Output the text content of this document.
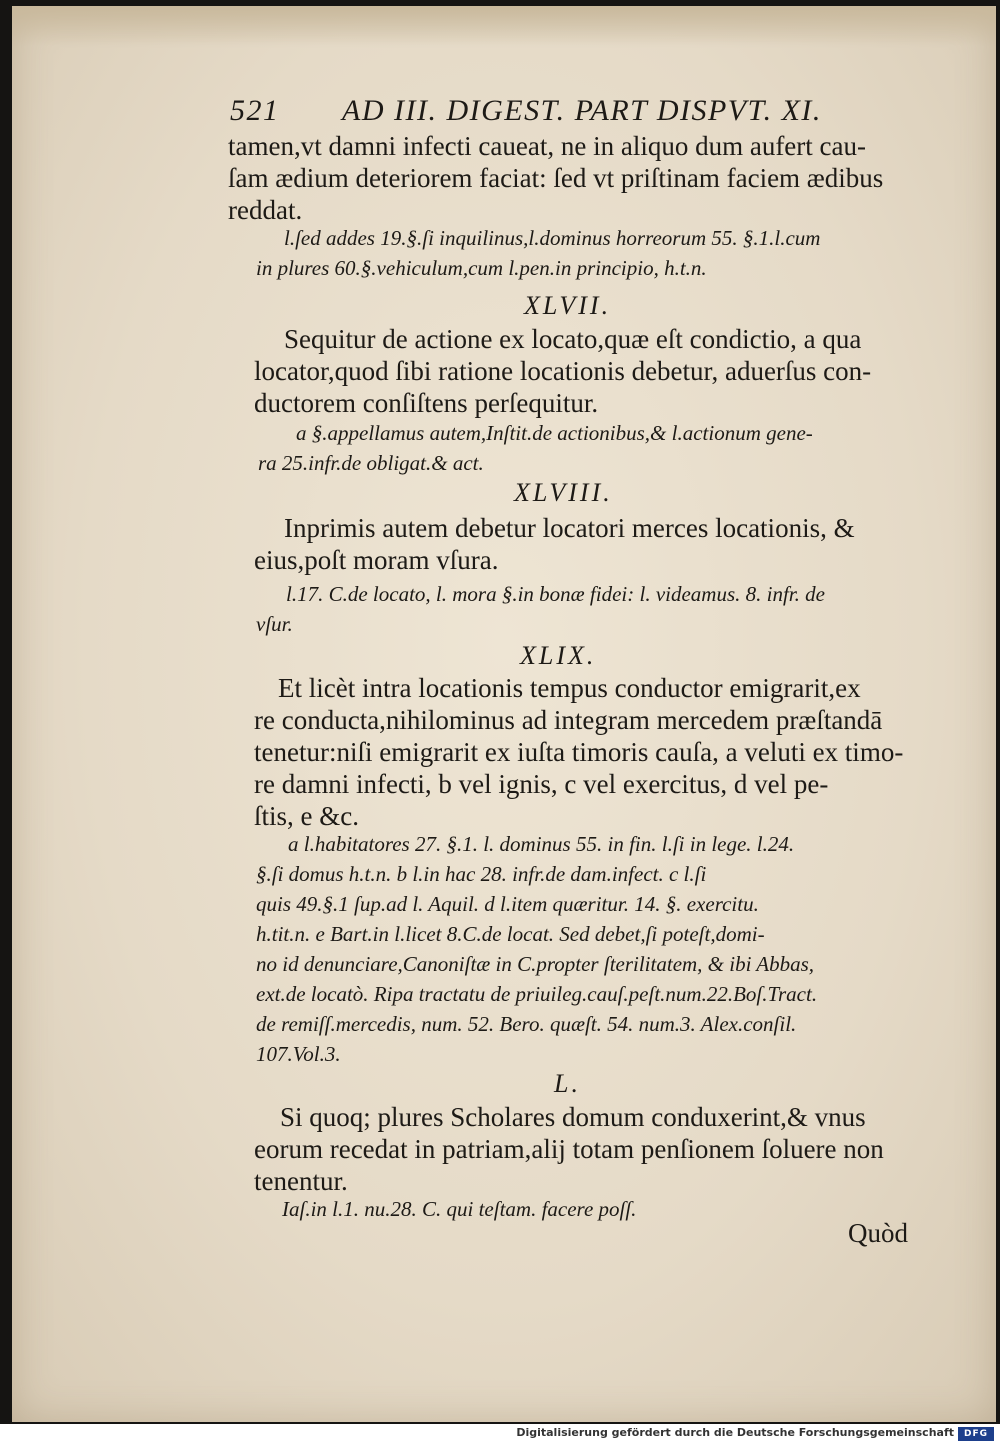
521 AD III. DIGEST. PART DISPVT. XI.
tamen,vt damni infecti caueat, ne in aliquo dum aufert cau-
ſam ædium deteriorem faciat: ſed vt priſtinam faciem ædibus
reddat.
l.ſed addes 19.§.ſi inquilinus,l.dominus horreorum 55. §.1.l.cum
in plures 60.§.vehiculum,cum l.pen.in principio, h.t.n.
XLVII.
Sequitur de actione ex locato,quæ eſt condictio, a qua
locator,quod ſibi ratione locationis debetur, aduerſus con-
ductorem conſiſtens perſequitur.
a §.appellamus autem,Inſtit.de actionibus,& l.actionum gene-
ra 25.infr.de obligat.& act.
XLVIII.
Inprimis autem debetur locatori merces locationis, &
eius,poſt moram vſura.
l.17. C.de locato, l. mora §.in bonæ fidei: l. videamus. 8. infr. de
vſur.
XLIX.
Et licèt intra locationis tempus conductor emigrarit,ex
re conducta,nihilominus ad integram mercedem præſtandā
tenetur:niſi emigrarit ex iuſta timoris cauſa, a veluti ex timo-
re damni infecti, b vel ignis, c vel exercitus, d vel pe-
ſtis, e &c.
a l.habitatores 27. §.1. l. dominus 55. in fin. l.ſi in lege. l.24.
§.ſi domus h.t.n. b l.in hac 28. infr.de dam.infect. c l.ſi
quis 49.§.1 ſup.ad l. Aquil. d l.item quæritur. 14. §. exercitu.
h.tit.n. e Bart.in l.licet 8.C.de locat. Sed debet,ſi poteſt,domi-
no id denunciare,Canoniſtæ in C.propter ſterilitatem, & ibi Abbas,
ext.de locatò. Ripa tractatu de priuileg.cauſ.peſt.num.22.Boſ.Tract.
de remiſſ.mercedis, num. 52. Bero. quæſt. 54. num.3. Alex.conſil.
107.Vol.3.
L.
Si quoq; plures Scholares domum conduxerint,& vnus
eorum recedat in patriam,alij totam penſionem ſoluere non
tenentur.
Iaſ.in l.1. nu.28. C. qui teſtam. facere poſſ.
Quòd
Digitalisierung gefördert durch die Deutsche Forschungsgemeinschaft	DFG
